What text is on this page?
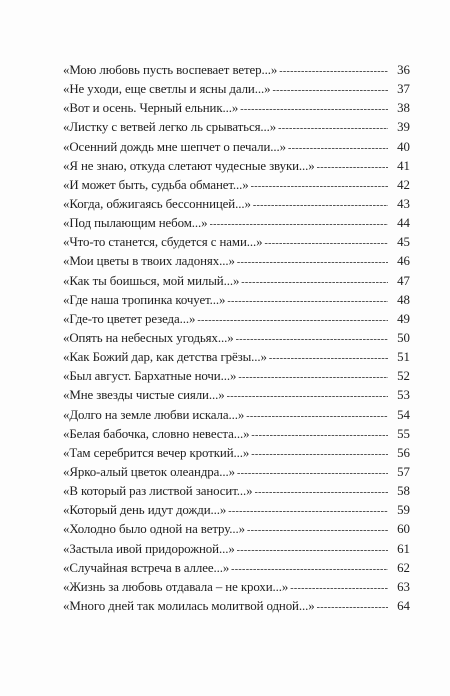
«Мою любовь пусть воспевает ветер...» -----	36
«Не уходи, еще светлы и ясны дали...» -----	37
«Вот и осень. Черный ельник...» -----	38
«Листку с ветвей легко ль срываться...» -----	39
«Осенний дождь мне шепчет о печали...» -----	40
«Я не знаю, откуда слетают чудесные звуки...» -----	41
«И может быть, судьба обманет...» -----	42
«Когда, обжигаясь бессонницей...» -----	43
«Под пылающим небом...» -----	44
«Что-то станется, сбудется с нами...» -----	45
«Мои цветы в твоих ладонях...» -----	46
«Как ты боишься, мой милый...» -----	47
«Где наша тропинка кочует...» -----	48
«Где-то цветет резеда...» -----	49
«Опять на небесных угодьях...» -----	50
«Как Божий дар, как детства грёзы...» -----	51
«Был август. Бархатные ночи...» -----	52
«Мне звезды чистые сияли...» -----	53
«Долго на земле любви искала...» -----	54
«Белая бабочка, словно невеста...» -----	55
«Там серебрится вечер кроткий...» -----	56
«Ярко-алый цветок олеандра...» -----	57
«В который раз листвой заносит...» -----	58
«Который день идут дожди...» -----	59
«Холодно было одной на ветру...» -----	60
«Застыла ивой придорожной...» -----	61
«Случайная встреча в аллее...» -----	62
«Жизнь за любовь отдавала – не крохи...» -----	63
«Много дней так молилась молитвой одной...» -----	64
